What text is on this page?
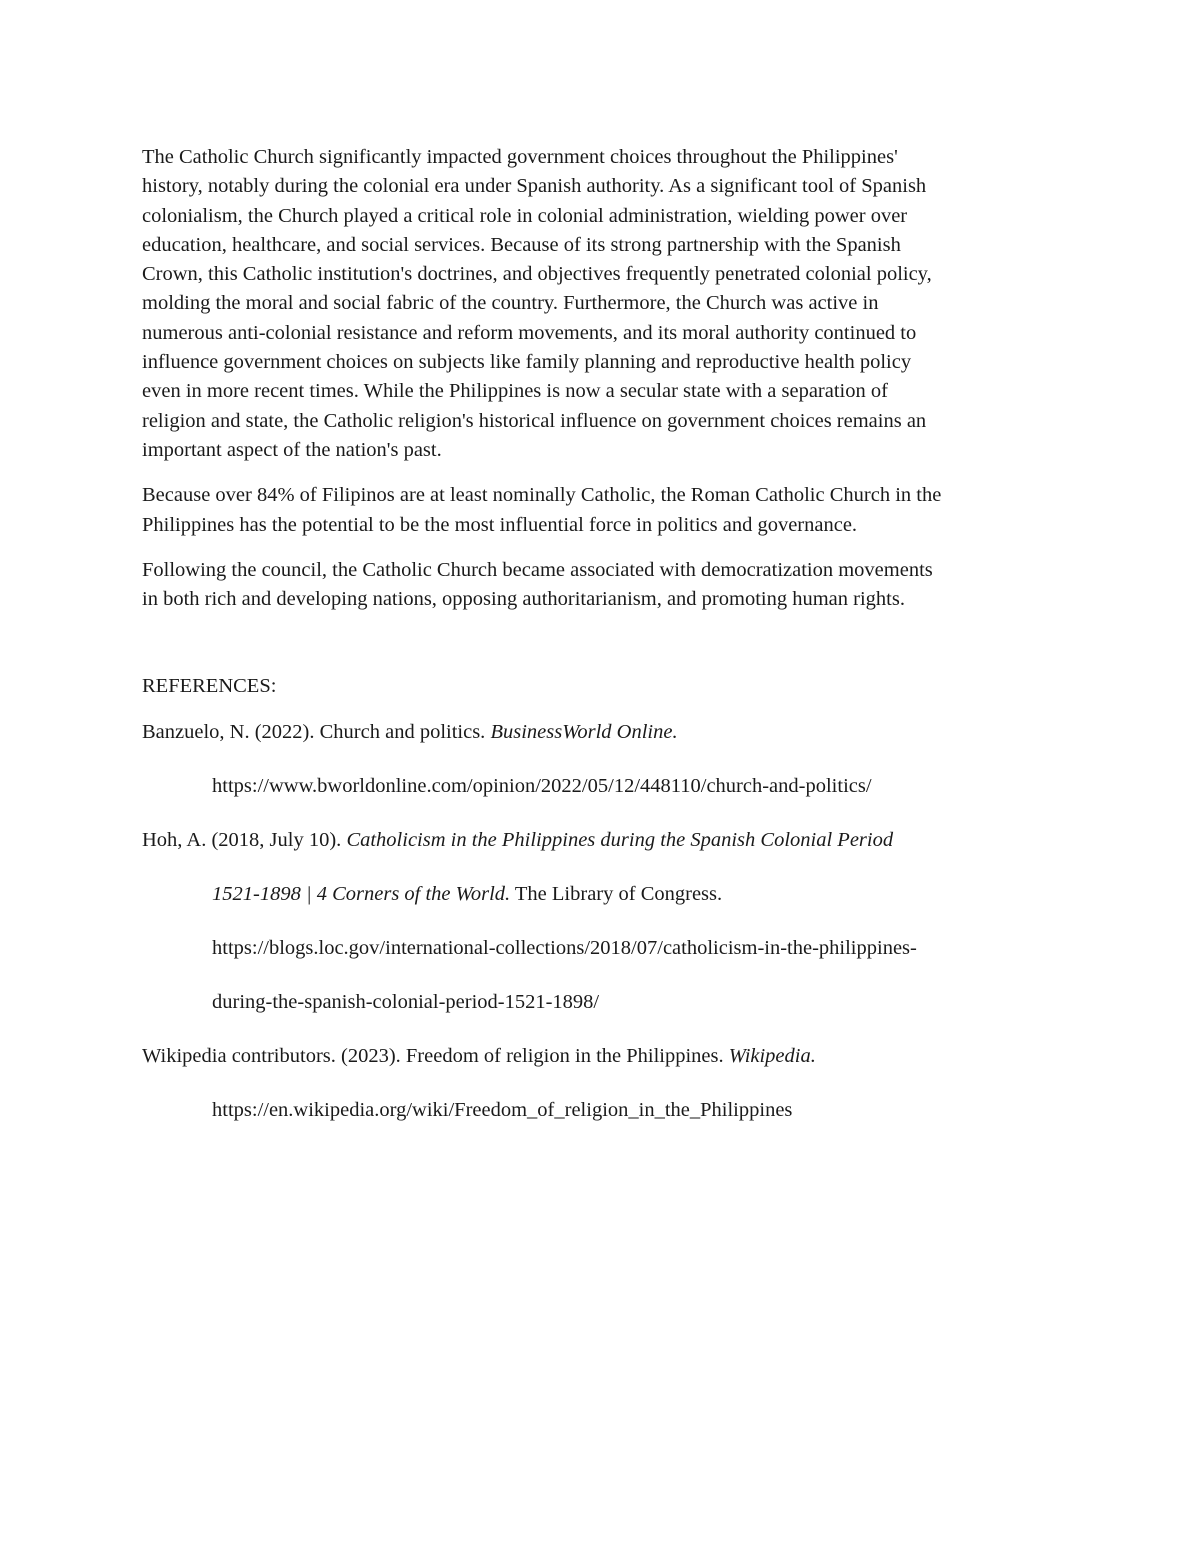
The Catholic Church significantly impacted government choices throughout the Philippines'
history, notably during the colonial era under Spanish authority. As a significant tool of Spanish
colonialism, the Church played a critical role in colonial administration, wielding power over
education, healthcare, and social services. Because of its strong partnership with the Spanish
Crown, this Catholic institution's doctrines, and objectives frequently penetrated colonial policy,
molding the moral and social fabric of the country. Furthermore, the Church was active in
numerous anti-colonial resistance and reform movements, and its moral authority continued to
influence government choices on subjects like family planning and reproductive health policy
even in more recent times. While the Philippines is now a secular state with a separation of
religion and state, the Catholic religion's historical influence on government choices remains an
important aspect of the nation's past.

Because over 84% of Filipinos are at least nominally Catholic, the Roman Catholic Church in the
Philippines has the potential to be the most influential force in politics and governance.

Following the council, the Catholic Church became associated with democratization movements
in both rich and developing nations, opposing authoritarianism, and promoting human rights.

REFERENCES:
Banzuelo, N. (2022). Church and politics. BusinessWorld Online.
https://www.bworldonline.com/opinion/2022/05/12/448110/church-and-politics/
Hoh, A. (2018, July 10). Catholicism in the Philippines during the Spanish Colonial Period
1521-1898 | 4 Corners of the World. The Library of Congress.
https://blogs.loc.gov/international-collections/2018/07/catholicism-in-the-philippines-
during-the-spanish-colonial-period-1521-1898/
Wikipedia contributors. (2023). Freedom of religion in the Philippines. Wikipedia.
https://en.wikipedia.org/wiki/Freedom_of_religion_in_the_Philippines
